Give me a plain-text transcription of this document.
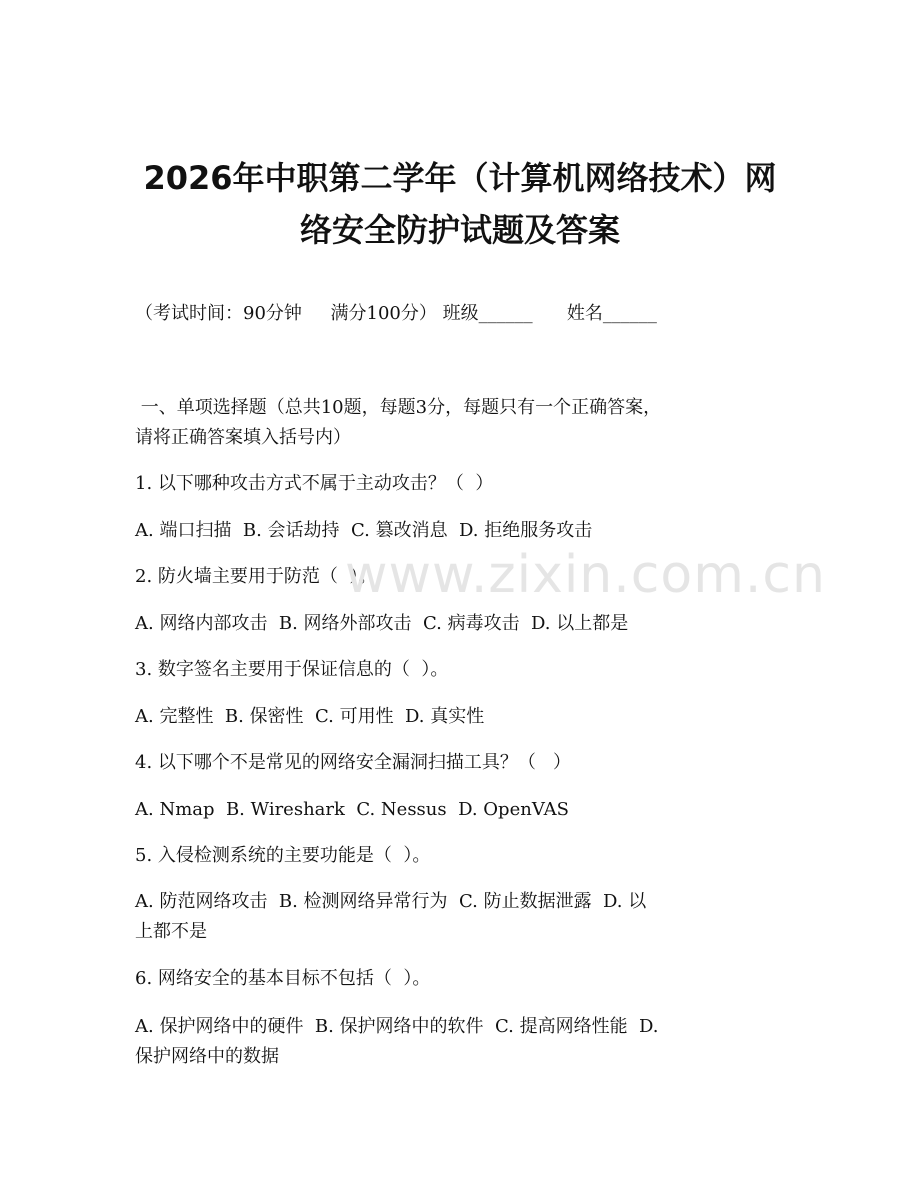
2026年中职第二学年（计算机网络技术）网
络安全防护试题及答案
（考试时间：90分钟     满分100分） 班级______      姓名______
一、单项选择题（总共10题，每题3分，每题只有一个正确答案，
请将正确答案填入括号内）
1. 以下哪种攻击方式不属于主动攻击？（  ）
A. 端口扫描  B. 会话劫持  C. 篡改消息  D. 拒绝服务攻击
2. 防火墙主要用于防范（  ）。
A. 网络内部攻击  B. 网络外部攻击  C. 病毒攻击  D. 以上都是
3. 数字签名主要用于保证信息的（  ）。
A. 完整性  B. 保密性  C. 可用性  D. 真实性
4. 以下哪个不是常见的网络安全漏洞扫描工具？（   ）
A. Nmap  B. Wireshark  C. Nessus  D. OpenVAS
5. 入侵检测系统的主要功能是（  ）。
A. 防范网络攻击  B. 检测网络异常行为  C. 防止数据泄露  D. 以
上都不是
6. 网络安全的基本目标不包括（  ）。
A. 保护网络中的硬件  B. 保护网络中的软件  C. 提高网络性能  D.
保护网络中的数据
www.zixin.com.cn
